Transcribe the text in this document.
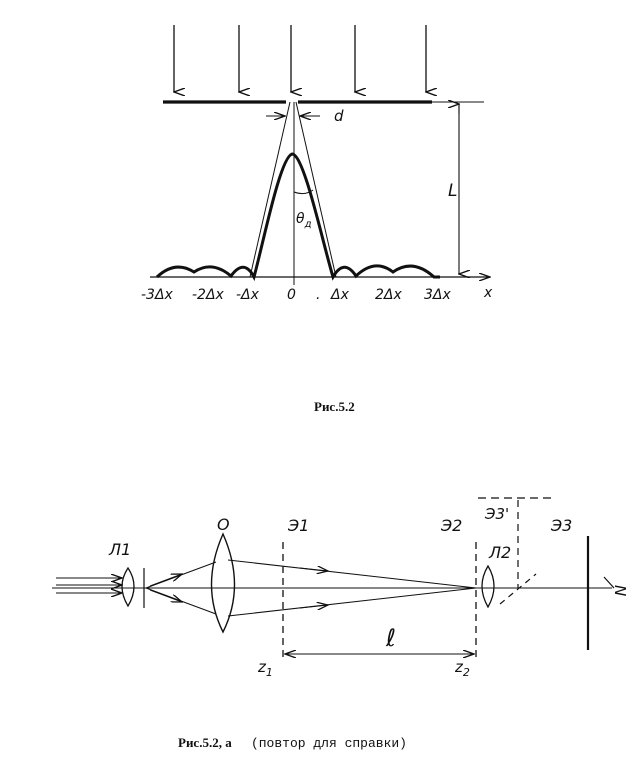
d
$\theta_д$
L
-3Δx -2Δx -Δx 0 . Δx 2Δx 3Δx x
Рис.5.2
Л1
О	Э1	Э2
Л2
Э3'
Э3
N
ℓ
$z_1$	$z_2$
Рис.5.2, а (повтор для справки)
